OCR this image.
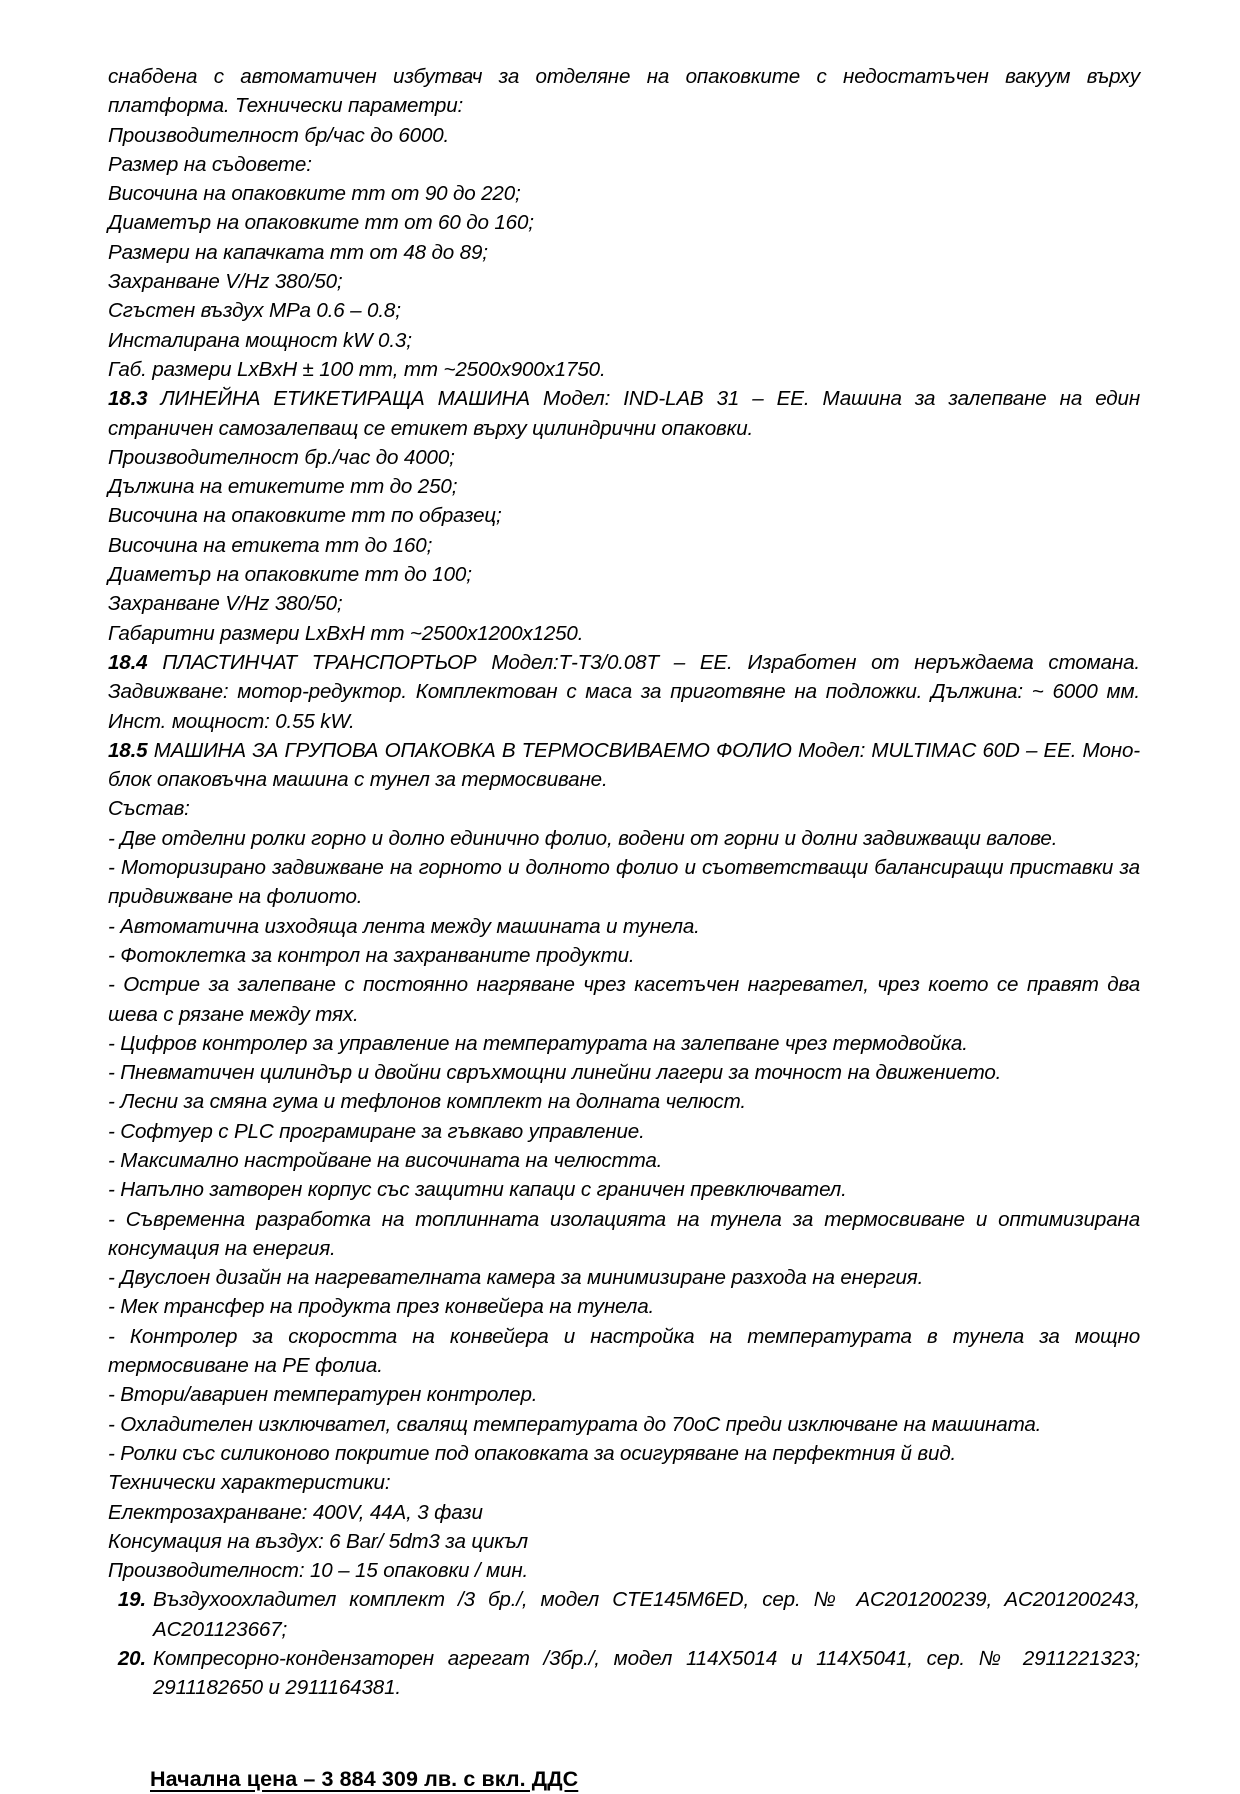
снабдена с автоматичен избутвач за отделяне на опаковките с недостатъчен вакуум върху платформа. Технически параметри:

Производителност бр/час до 6000.

Размер на съдовете:

Височина на опаковките mm от 90 до 220;

Диаметър на опаковките mm от 60 до 160;

Размери на капачката mm от 48 до 89;

Захранване V/Hz 380/50;

Сгъстен въздух MPa 0.6 – 0.8;

Инсталирана мощност kW 0.3;

Габ. размери LxBxH ± 100 mm, mm ~2500x900x1750.

18.3 ЛИНЕЙНА ЕТИКЕТИРАЩА МАШИНА Модел: IND-LAB 31 – ЕЕ. Машина за залепване на един страничен самозалепващ се етикет върху цилиндрични опаковки.

Производителност бр./час до 4000;

Дължина на етикетите mm до 250;

Височина на опаковките mm по образец;

Височина на етикета mm до 160;

Диаметър на опаковките mm до 100;

Захранване V/Hz 380/50;

Габаритни размери LxBxH mm ~2500x1200x1250.

18.4 ПЛАСТИНЧАТ ТРАНСПОРТЬОР Модел:Т-Т3/0.08Т – ЕЕ. Изработен от неръждаема стомана. Задвижване: мотор-редуктор. Комплектован с маса за приготвяне на подложки. Дължина: ~ 6000 мм. Инст. мощност: 0.55 kW.

18.5 МАШИНА ЗА ГРУПОВА ОПАКОВКА В ТЕРМОСВИВАЕМО ФОЛИО Модел: MULTIMAC 60D – ЕЕ. Моно-блок опаковъчна машина с тунел за термосвиване.

Състав:

- Две отделни ролки горно и долно единично фолио, водени от горни и долни задвижващи валове.

- Моторизирано задвижване на горното и долното фолио и съответстващи балансиращи приставки за придвижване на фолиото.

- Автоматична изходяща лента между машината и тунела.

- Фотоклетка за контрол на захранваните продукти.

- Острие за залепване с постоянно нагряване чрез касетъчен нагревател, чрез което се правят два шева с рязане между тях.

- Цифров контролер за управление на температурата на залепване чрез термодвойка.

- Пневматичен цилиндър и двойни свръхмощни линейни лагери за точност на движението.

- Лесни за смяна гума и тефлонов комплект на долната челюст.

- Софтуер с PLC програмиране за гъвкаво управление.

- Максимално настройване на височината на челюстта.

- Напълно затворен корпус със защитни капаци с граничен превключвател.

- Съвременна разработка на топлинната изолацията на тунела за термосвиване и оптимизирана консумация на енергия.

- Двуслоен дизайн на нагревателната камера за минимизиране разхода на енергия.

- Мек трансфер на продукта през конвейера на тунела.

- Контролер за скоростта на конвейера и настройка на температурата в тунела за мощно термосвиване на РЕ фолиа.

- Втори/авариен температурен контролер.

- Охладителен изключвател, свалящ температурата до 70оС преди изключване на машината.

- Ролки със силиконово покритие под опаковката за осигуряване на перфектния й вид.

Технически характеристики:

Електрозахранване: 400V, 44A, 3 фази

Консумация на въздух: 6 Bar/ 5dm3 за цикъл

Производителност: 10 – 15 опаковки / мин.

19. Въздухоохладител комплект /3 бр./, модел CTE145M6ED, сер. № AC201200239, AC201200243, AC201123667;
20. Компресорно-кондензаторен агрегат /3бр./, модел 114X5014 и 114X5041, сер. № 2911221323; 2911182650 и 2911164381.
Начална цена – 3 884 309 лв. с вкл. ДДС
